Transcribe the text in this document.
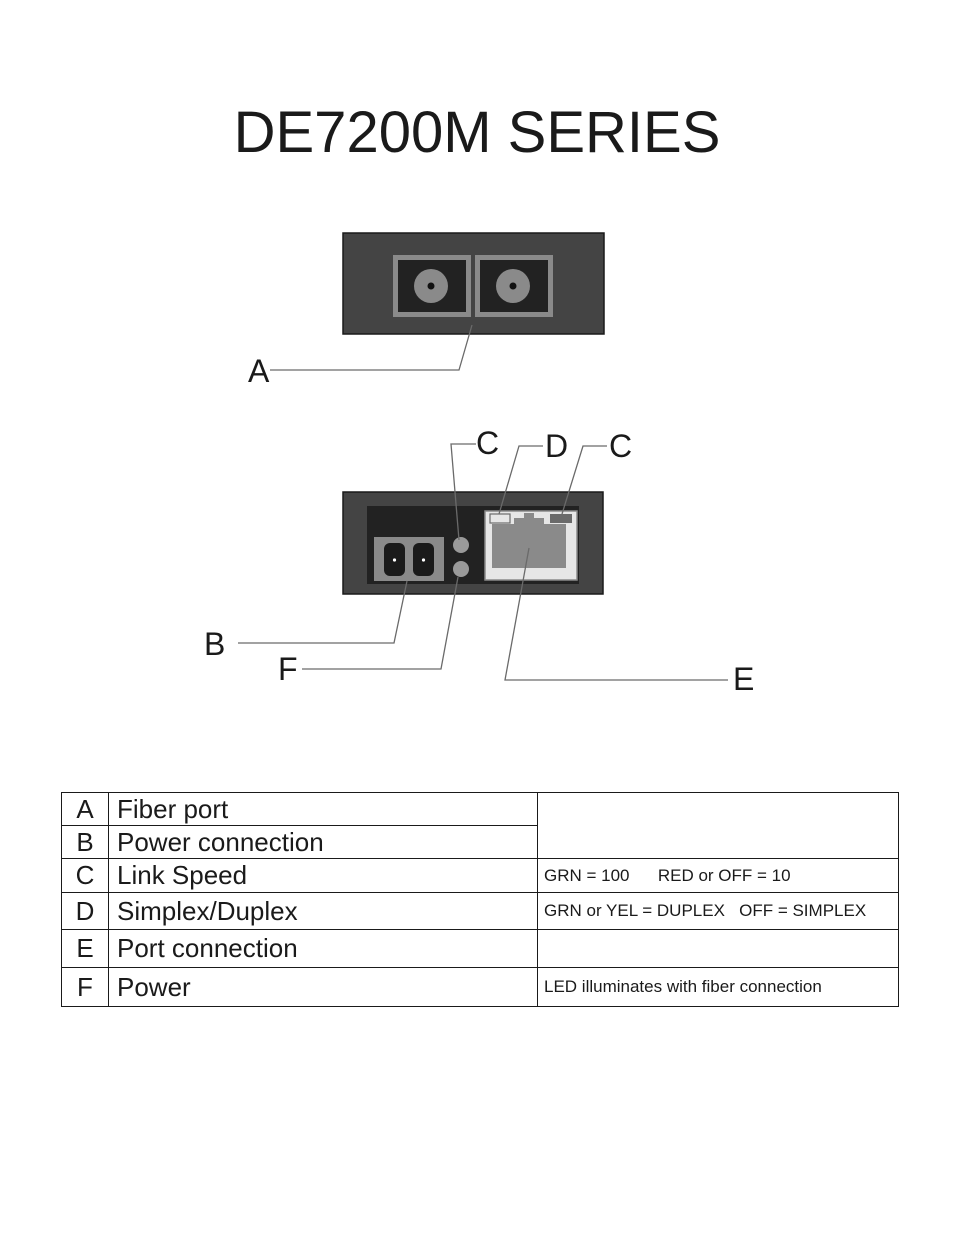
DE7200M SERIES
A
C D C
B
F	E
A	Fiber port	
B	Power connection	
C	Link Speed	GRN = 100      RED or OFF = 10
D	Simplex/Duplex	GRN or YEL = DUPLEX   OFF = SIMPLEX
E	Port connection	
F	Power	LED illuminates with fiber connection
